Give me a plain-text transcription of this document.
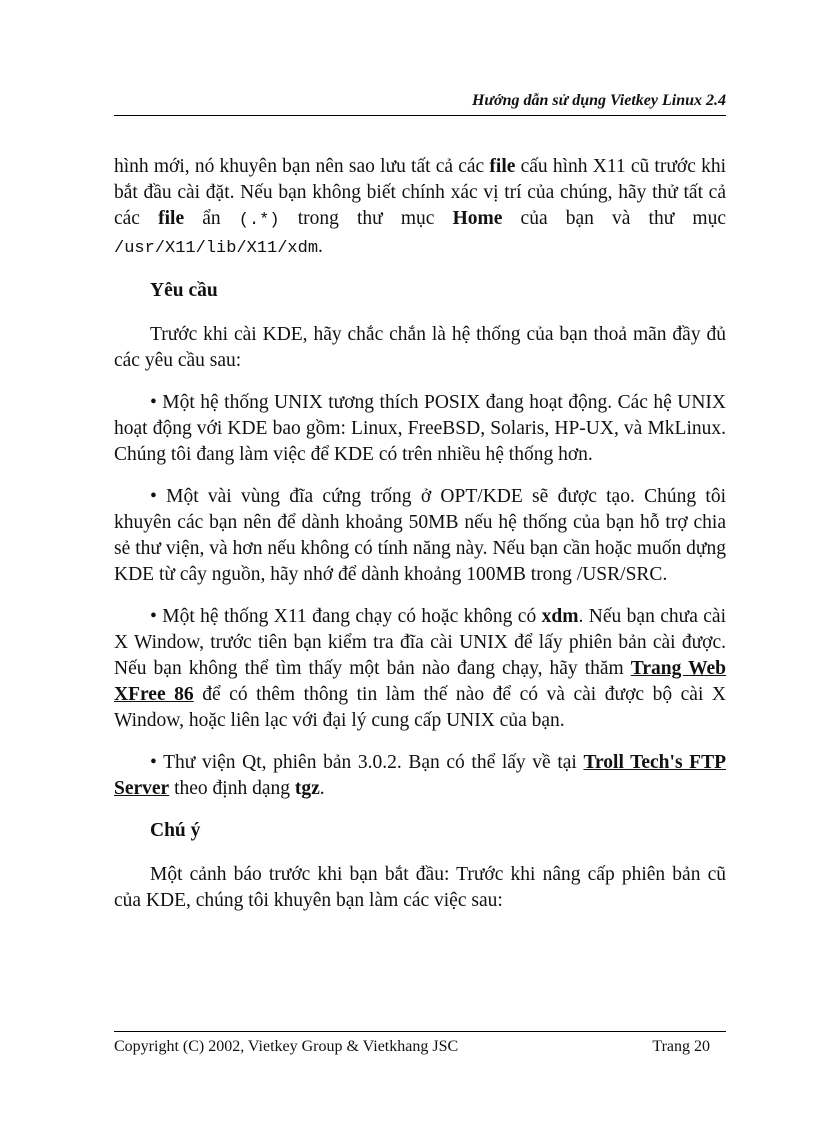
Hướng dẫn sử dụng Vietkey Linux 2.4

hình mới, nó khuyên bạn nên sao lưu tất cả các file cấu hình X11 cũ trước khi bắt đầu cài đặt. Nếu bạn không biết chính xác vị trí của chúng, hãy thử tất cả các file ẩn (.*) trong thư mục Home của bạn và thư mục /usr/X11/lib/X11/xdm.

Yêu cầu

Trước khi cài KDE, hãy chắc chắn là hệ thống của bạn thoả mãn đầy đủ các yêu cầu sau:

• Một hệ thống UNIX tương thích POSIX đang hoạt động. Các hệ UNIX hoạt động với KDE bao gồm: Linux, FreeBSD, Solaris, HP-UX, và MkLinux. Chúng tôi đang làm việc để KDE có trên nhiều hệ thống hơn.

• Một vài vùng đĩa cứng trống ở OPT/KDE sẽ được tạo. Chúng tôi khuyên các bạn nên để dành khoảng 50MB nếu hệ thống của bạn hỗ trợ chia sẻ thư viện, và hơn nếu không có tính năng này. Nếu bạn cần hoặc muốn dựng KDE từ cây nguồn, hãy nhớ để dành khoảng 100MB trong /USR/SRC.

• Một hệ thống X11 đang chạy có hoặc không có xdm. Nếu bạn chưa cài X Window, trước tiên bạn kiểm tra đĩa cài UNIX để lấy phiên bản cài được. Nếu bạn không thể tìm thấy một bản nào đang chạy, hãy thăm Trang Web XFree 86 để có thêm thông tin làm thế nào để có và cài được bộ cài X Window, hoặc liên lạc với đại lý cung cấp UNIX của bạn.

• Thư viện Qt, phiên bản 3.0.2. Bạn có thể lấy về tại Troll Tech's FTP Server theo định dạng tgz.

Chú ý

Một cảnh báo trước khi bạn bắt đầu: Trước khi nâng cấp phiên bản cũ của KDE, chúng tôi khuyên bạn làm các việc sau:

Copyright (C) 2002, Vietkey Group & Vietkhang JSC	Trang 20
